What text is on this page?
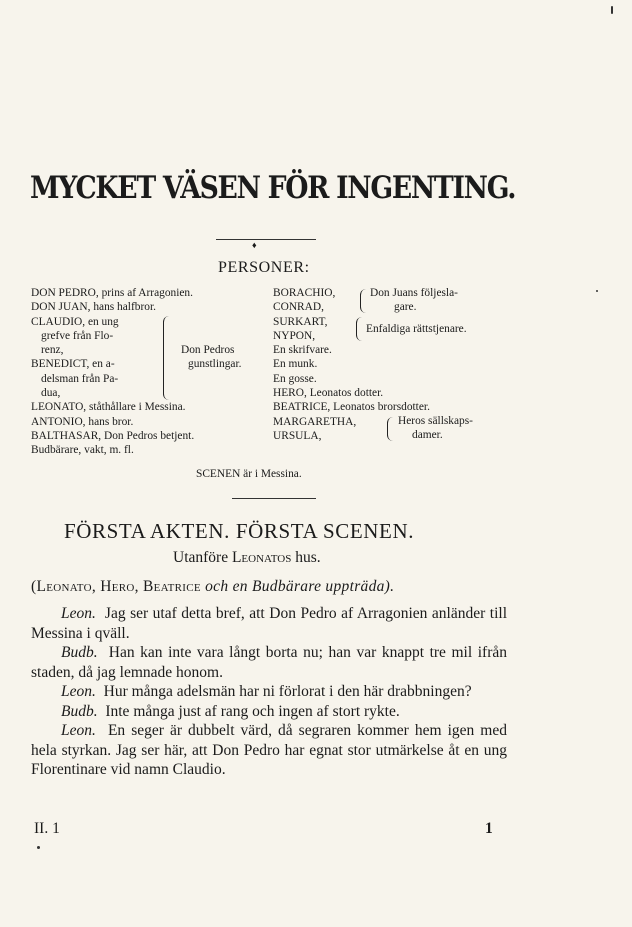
MYCKET VÄSEN FÖR INGENTING.
♦
PERSONER:
DON PEDRO, prins af Arragonien.
DON JUAN, hans halfbror.
CLAUDIO, en ung
grefve från Flo-
renz,
BENEDICT, en a-
delsman från Pa-
dua,
LEONATO, ståthållare i Messina.
ANTONIO, hans bror.
BALTHASAR, Don Pedros betjent.
Budbärare, vakt, m. fl.
Don Pedros
gunstlingar.
BORACHIO,
CONRAD,
SURKART,
NYPON,
En skrifvare.
En munk.
En gosse.
HERO, Leonatos dotter.
BEATRICE, Leonatos brorsdotter.
MARGARETHA,
URSULA,
Don Juans följesla-
gare.
Enfaldiga rättstjenare.
Heros sällskaps-
damer.
SCENEN är i Messina.
FÖRSTA AKTEN. FÖRSTA SCENEN.
Utanföre Leonatos hus.
(Leonato, Hero, Beatrice och en Budbärare uppträda).

Leon. Jag ser utaf detta bref, att Don Pedro af Arragonien anländer till Messina i qväll.

Budb. Han kan inte vara långt borta nu; han var knappt tre mil ifrån staden, då jag lemnade honom.

Leon. Hur många adelsmän har ni förlorat i den här drabbningen?

Budb. Inte många just af rang och ingen af stort rykte.

Leon. En seger är dubbelt värd, då segraren kommer hem igen med hela styrkan. Jag ser här, att Don Pedro har egnat stor utmärkelse åt en ung Florentinare vid namn Claudio.

II. 1	1
